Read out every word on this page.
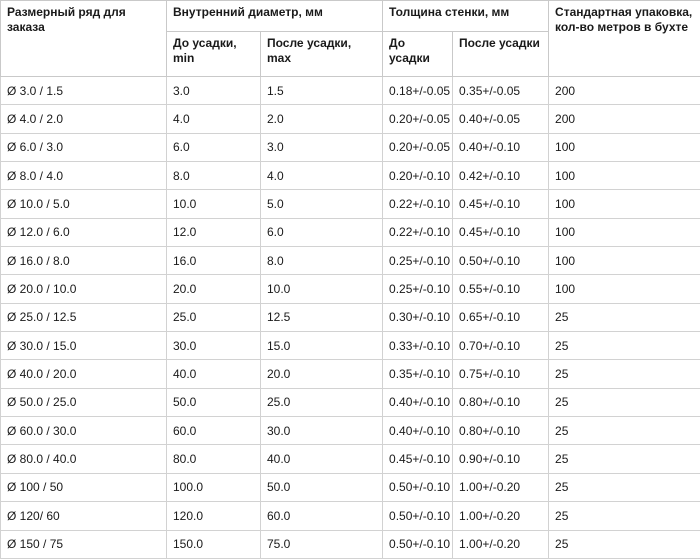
Размерный ряд для заказа	Внутренний диаметр, мм		Толщина стенки, мм		Стандартная упаковка, кол-во метров в бухте
	До усадки, min	После усадки, max	До усадки	После усадки	
Ø 3.0 / 1.5	3.0	1.5	0.18+/-0.05	0.35+/-0.05	200
Ø 4.0 / 2.0	4.0	2.0	0.20+/-0.05	0.40+/-0.05	200
Ø 6.0 / 3.0	6.0	3.0	0.20+/-0.05	0.40+/-0.10	100
Ø 8.0 / 4.0	8.0	4.0	0.20+/-0.10	0.42+/-0.10	100
Ø 10.0 / 5.0	10.0	5.0	0.22+/-0.10	0.45+/-0.10	100
Ø 12.0 / 6.0	12.0	6.0	0.22+/-0.10	0.45+/-0.10	100
Ø 16.0 / 8.0	16.0	8.0	0.25+/-0.10	0.50+/-0.10	100
Ø 20.0 / 10.0	20.0	10.0	0.25+/-0.10	0.55+/-0.10	100
Ø 25.0 / 12.5	25.0	12.5	0.30+/-0.10	0.65+/-0.10	25
Ø 30.0 / 15.0	30.0	15.0	0.33+/-0.10	0.70+/-0.10	25
Ø 40.0 / 20.0	40.0	20.0	0.35+/-0.10	0.75+/-0.10	25
Ø 50.0 / 25.0	50.0	25.0	0.40+/-0.10	0.80+/-0.10	25
Ø 60.0 / 30.0	60.0	30.0	0.40+/-0.10	0.80+/-0.10	25
Ø 80.0 / 40.0	80.0	40.0	0.45+/-0.10	0.90+/-0.10	25
Ø 100 / 50	100.0	50.0	0.50+/-0.10	1.00+/-0.20	25
Ø 120/ 60	120.0	60.0	0.50+/-0.10	1.00+/-0.20	25
Ø 150 / 75	150.0	75.0	0.50+/-0.10	1.00+/-0.20	25
